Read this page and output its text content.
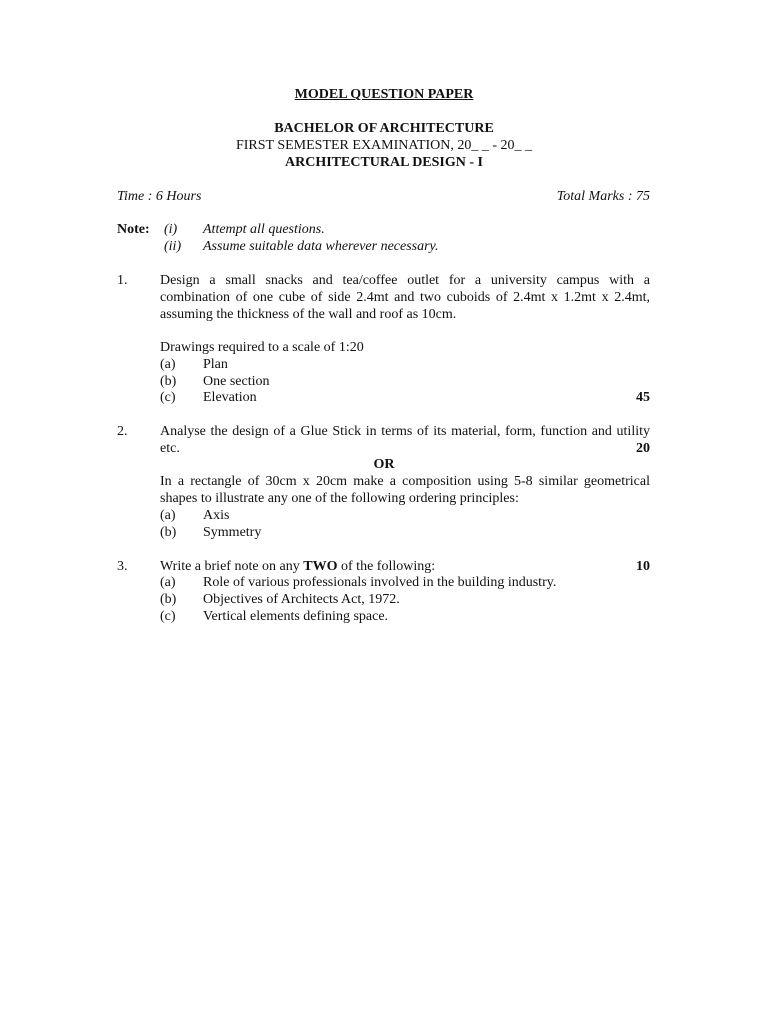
MODEL QUESTION PAPER
BACHELOR OF ARCHITECTURE
FIRST SEMESTER EXAMINATION, 20_ _ - 20_ _
ARCHITECTURAL DESIGN - I
Time : 6 Hours	Total Marks : 75
Note: (i) Attempt all questions.
(ii) Assume suitable data wherever necessary.
1. Design a small snacks and tea/coffee outlet for a university campus with a
combination of one cube of side 2.4mt and two cuboids of 2.4mt x 1.2mt x 2.4mt,
assuming the thickness of the wall and roof as 10cm.
Drawings required to a scale of 1:20
(a) Plan
(b) One section
(c) Elevation	45
2. Analyse the design of a Glue Stick in terms of its material, form, function and utility
etc.	20
OR
In a rectangle of 30cm x 20cm make a composition using 5-8 similar geometrical
shapes to illustrate any one of the following ordering principles:
(a) Axis
(b) Symmetry
3. Write a brief note on any TWO of the following:	10
(a) Role of various professionals involved in the building industry.
(b) Objectives of Architects Act, 1972.
(c) Vertical elements defining space.
